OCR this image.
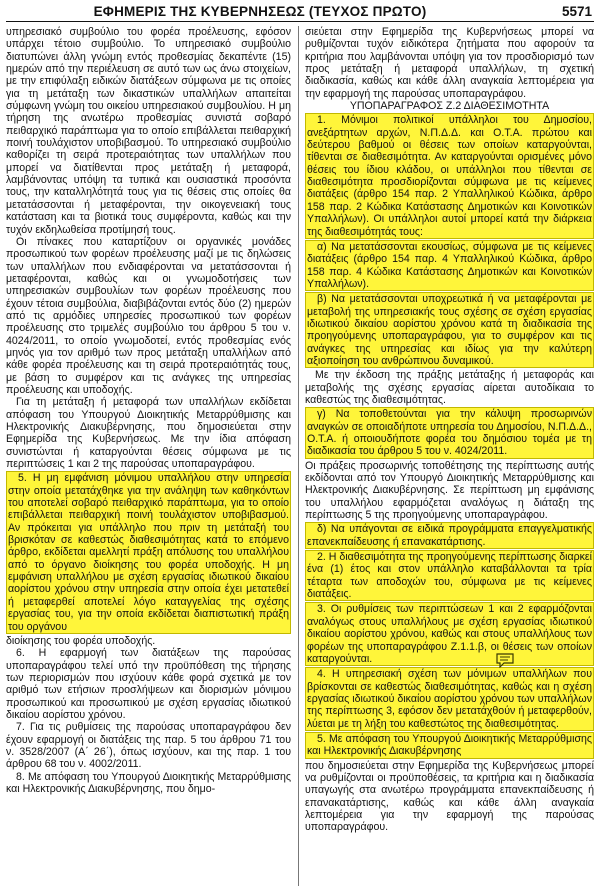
ΕΦΗΜΕΡΙΣ ΤΗΣ ΚΥΒΕΡΝΗΣΕΩΣ (ΤΕΥΧΟΣ ΠΡΩΤΟ)	5571

υπηρεσιακό συμβούλιο του φορέα προέλευσης, εφόσον υπάρχει τέτοιο συμβούλιο. Το υπηρεσιακό συμβούλιο διατυπώνει άλλη γνώμη εντός προθεσμίας δεκαπέντε (15) ημερών από την περιέλευση σε αυτό των ως άνω στοιχείων, με την επιφύλαξη ειδικών διατάξεων σύμφωνα με τις οποίες για τη μετάταξη των δικαστικών υπαλλήλων απαιτείται σύμφωνη γνώμη του οικείου υπηρεσιακού συμβουλίου. Η μη τήρηση της ανωτέρω προθεσμίας συνιστά σοβαρό πειθαρχικό παράπτωμα για το οποίο επιβάλλεται πειθαρχική ποινή τουλάχιστον υποβιβασμού. Το υπηρεσιακό συμβούλιο καθορίζει τη σειρά προτεραιότητας των υπαλλήλων που μπορεί να διατίθενται προς μετάταξη ή μεταφορά, λαμβάνοντας υπόψη τα τυπικά και ουσιαστικά προσόντα τους, την καταλληλότητά τους για τις θέσεις στις οποίες θα μετατάσσονται ή μεταφέρονται, την οικογενειακή τους κατάσταση και τα βιοτικά τους συμφέροντα, καθώς και την τυχόν εκδηλωθείσα προτίμησή τους.

Οι πίνακες που καταρτίζουν οι οργανικές μονάδες προσωπικού των φορέων προέλευσης μαζί με τις δηλώσεις των υπαλλήλων που ενδιαφέρονται να μετατάσσονται ή μεταφέρονται, καθώς και οι γνωμοδοτήσεις των υπηρεσιακών συμβουλίων των φορέων προέλευσης που έχουν τέτοια συμβούλια, διαβιβάζονται εντός δύο (2) ημερών από τις αρμόδιες υπηρεσίες προσωπικού των φορέων προέλευσης στο τριμελές συμβούλιο του άρθρου 5 του ν. 4024/2011, το οποίο γνωμοδοτεί, εντός προθεσμίας ενός μηνός για τον αριθμό των προς μετάταξη υπαλλήλων από κάθε φορέα προέλευσης και τη σειρά προτεραιότητάς τους, με βάση το συμφέρον και τις ανάγκες της υπηρεσίας προέλευσης και υποδοχής.

Για τη μετάταξη ή μεταφορά των υπαλλήλων εκδίδεται απόφαση του Υπουργού Διοικητικής Μεταρρύθμισης και Ηλεκτρονικής Διακυβέρνησης, που δημοσιεύεται στην Εφημερίδα της Κυβερνήσεως. Με την ίδια απόφαση συνιστώνται ή καταργούνται θέσεις σύμφωνα με τις περιπτώσεις 1 και 2 της παρούσας υποπαραγράφου.

5. Η μη εμφάνιση μόνιμου υπαλλήλου στην υπηρεσία στην οποία μετατάχθηκε για την ανάληψη των καθηκόντων του αποτελεί σοβαρό πειθαρχικό παράπτωμα, για το οποίο επιβάλλεται πειθαρχική ποινή τουλάχιστον υποβιβασμού. Αν πρόκειται για υπάλληλο που πριν τη μετάταξή του βρισκόταν σε καθεστώς διαθεσιμότητας κατά το επόμενο άρθρο, εκδίδεται αμελλητί πράξη απόλυσης του υπαλλήλου από το όργανο διοίκησης του φορέα υποδοχής. Η μη εμφάνιση υπαλλήλου με σχέση εργασίας ιδιωτικού δικαίου αορίστου χρόνου στην υπηρεσία στην οποία έχει μετατεθεί ή μεταφερθεί αποτελεί λόγο καταγγελίας της σχέσης εργασίας του, για την οποία εκδίδεται διαπιστωτική πράξη του οργάνου

διοίκησης του φορέα υποδοχής.

6. Η εφαρμογή των διατάξεων της παρούσας υποπαραγράφου τελεί υπό την προϋπόθεση της τήρησης των περιορισμών που ισχύουν κάθε φορά σχετικά με τον αριθμό των ετήσιων προσλήψεων και διορισμών μόνιμου προσωπικού και προσωπικού με σχέση εργασίας ιδιωτικού δικαίου αορίστου χρόνου.

7. Για τις ρυθμίσεις της παρούσας υποπαραγράφου δεν έχουν εφαρμογή οι διατάξεις της παρ. 5 του άρθρου 71 του ν. 3528/2007 (Α΄ 26΄), όπως ισχύουν, και της παρ. 1 του άρθρου 68 του ν. 4002/2011.

8. Με απόφαση του Υπουργού Διοικητικής Μεταρρύθμισης και Ηλεκτρονικής Διακυβέρνησης, που δημο-

σιεύεται στην Εφημερίδα της Κυβερνήσεως μπορεί να ρυθμίζονται τυχόν ειδικότερα ζητήματα που αφορούν τα κριτήρια που λαμβάνονται υπόψη για τον προσδιορισμό των προς μετάταξη ή μεταφορά υπαλλήλων, τη σχετική διαδικασία, καθώς και κάθε άλλη αναγκαία λεπτομέρεια για την εφαρμογή της παρούσας υποπαραγράφου.

ΥΠΟΠΑΡΑΓΡΑΦΟΣ Ζ.2 ΔΙΑΘΕΣΙΜΟΤΗΤΑ

1. Μόνιμοι πολιτικοί υπάλληλοι του Δημοσίου, ανεξάρτητων αρχών, Ν.Π.Δ.Δ. και Ο.Τ.Α. πρώτου και δεύτερου βαθμού οι θέσεις των οποίων καταργούνται, τίθενται σε διαθεσιμότητα. Αν καταργούνται ορισμένες μόνο θέσεις του ίδιου κλάδου, οι υπάλληλοι που τίθενται σε διαθεσιμότητα προσδιορίζονται σύμφωνα με τις κείμενες διατάξεις (άρθρο 154 παρ. 2 Υπαλληλικού Κώδικα, άρθρο 158 παρ. 2 Κώδικα Κατάστασης Δημοτικών και Κοινοτικών Υπαλλήλων). Οι υπάλληλοι αυτοί μπορεί κατά την διάρκεια της διαθεσιμότητάς τους:

α) Να μετατάσσονται εκουσίως, σύμφωνα με τις κείμενες διατάξεις (άρθρο 154 παρ. 4 Υπαλληλικού Κώδικα, άρθρο 158 παρ. 4 Κώδικα Κατάστασης Δημοτικών και Κοινοτικών Υπαλλήλων).

β) Να μετατάσσονται υποχρεωτικά ή να μεταφέρονται με μεταβολή της υπηρεσιακής τους σχέσης σε σχέση εργασίας ιδιωτικού δικαίου αορίστου χρόνου κατά τη διαδικασία της προηγούμενης υποπαραγράφου, για το συμφέρον και τις ανάγκες της υπηρεσίας και ιδίως για την καλύτερη αξιοποίηση του ανθρώπινου δυναμικού.

Με την έκδοση της πράξης μετάταξης ή μεταφοράς και μεταβολής της σχέσης εργασίας αίρεται αυτοδίκαια το καθεστώς της διαθεσιμότητας.

γ) Να τοποθετούνται για την κάλυψη προσωρινών αναγκών σε οποιαδήποτε υπηρεσία του Δημοσίου, Ν.Π.Δ.Δ., Ο.Τ.Α. ή οποιουδήποτε φορέα του δημόσιου τομέα με τη διαδικασία του άρθρου 5 του ν. 4024/2011.

Οι πράξεις προσωρινής τοποθέτησης της περίπτωσης αυτής εκδίδονται από τον Υπουργό Διοικητικής Μεταρρύθμισης και Ηλεκτρονικής Διακυβέρνησης. Σε περίπτωση μη εμφάνισης του υπαλλήλου εφαρμόζεται αναλόγως η διάταξη της περίπτωσης 5 της προηγούμενης υποπαραγράφου.

δ) Να υπάγονται σε ειδικά προγράμματα επαγγελματικής επανεκπαίδευσης ή επανακατάρτισης.

2. Η διαθεσιμότητα της προηγούμενης περίπτωσης διαρκεί ένα (1) έτος και στον υπάλληλο καταβάλλονται τα τρία τέταρτα των αποδοχών του, σύμφωνα με τις κείμενες διατάξεις.

3. Οι ρυθμίσεις των περιπτώσεων 1 και 2 εφαρμόζονται αναλόγως στους υπαλλήλους με σχέση εργασίας ιδιωτικού δικαίου αορίστου χρόνου, καθώς και στους υπαλλήλους των φορέων της υποπαραγράφου Ζ.1.1.β, οι θέσεις των οποίων καταργούνται.

4. Η υπηρεσιακή σχέση των μόνιμων υπαλλήλων που βρίσκονται σε καθεστώς διαθεσιμότητας, καθώς και η σχέση εργασίας ιδιωτικού δικαίου αορίστου χρόνου των υπαλλήλων της περίπτωσης 3, εφόσον δεν μετατάχθούν ή μεταφερθούν, λύεται με τη λήξη του καθεστώτος της διαθεσιμότητας.

5. Με απόφαση του Υπουργού Διοικητικής Μεταρρύθμισης και Ηλεκτρονικής Διακυβέρνησης

που δημοσιεύεται στην Εφημερίδα της Κυβερνήσεως μπορεί να ρυθμίζονται οι προϋποθέσεις, τα κριτήρια και η διαδικασία υπαγωγής στα ανωτέρω προγράμματα επανεκπαίδευσης ή επανακατάρτισης, καθώς και κάθε άλλη αναγκαία λεπτομέρεια για την εφαρμογή της παρούσας υποπαραγράφου.
